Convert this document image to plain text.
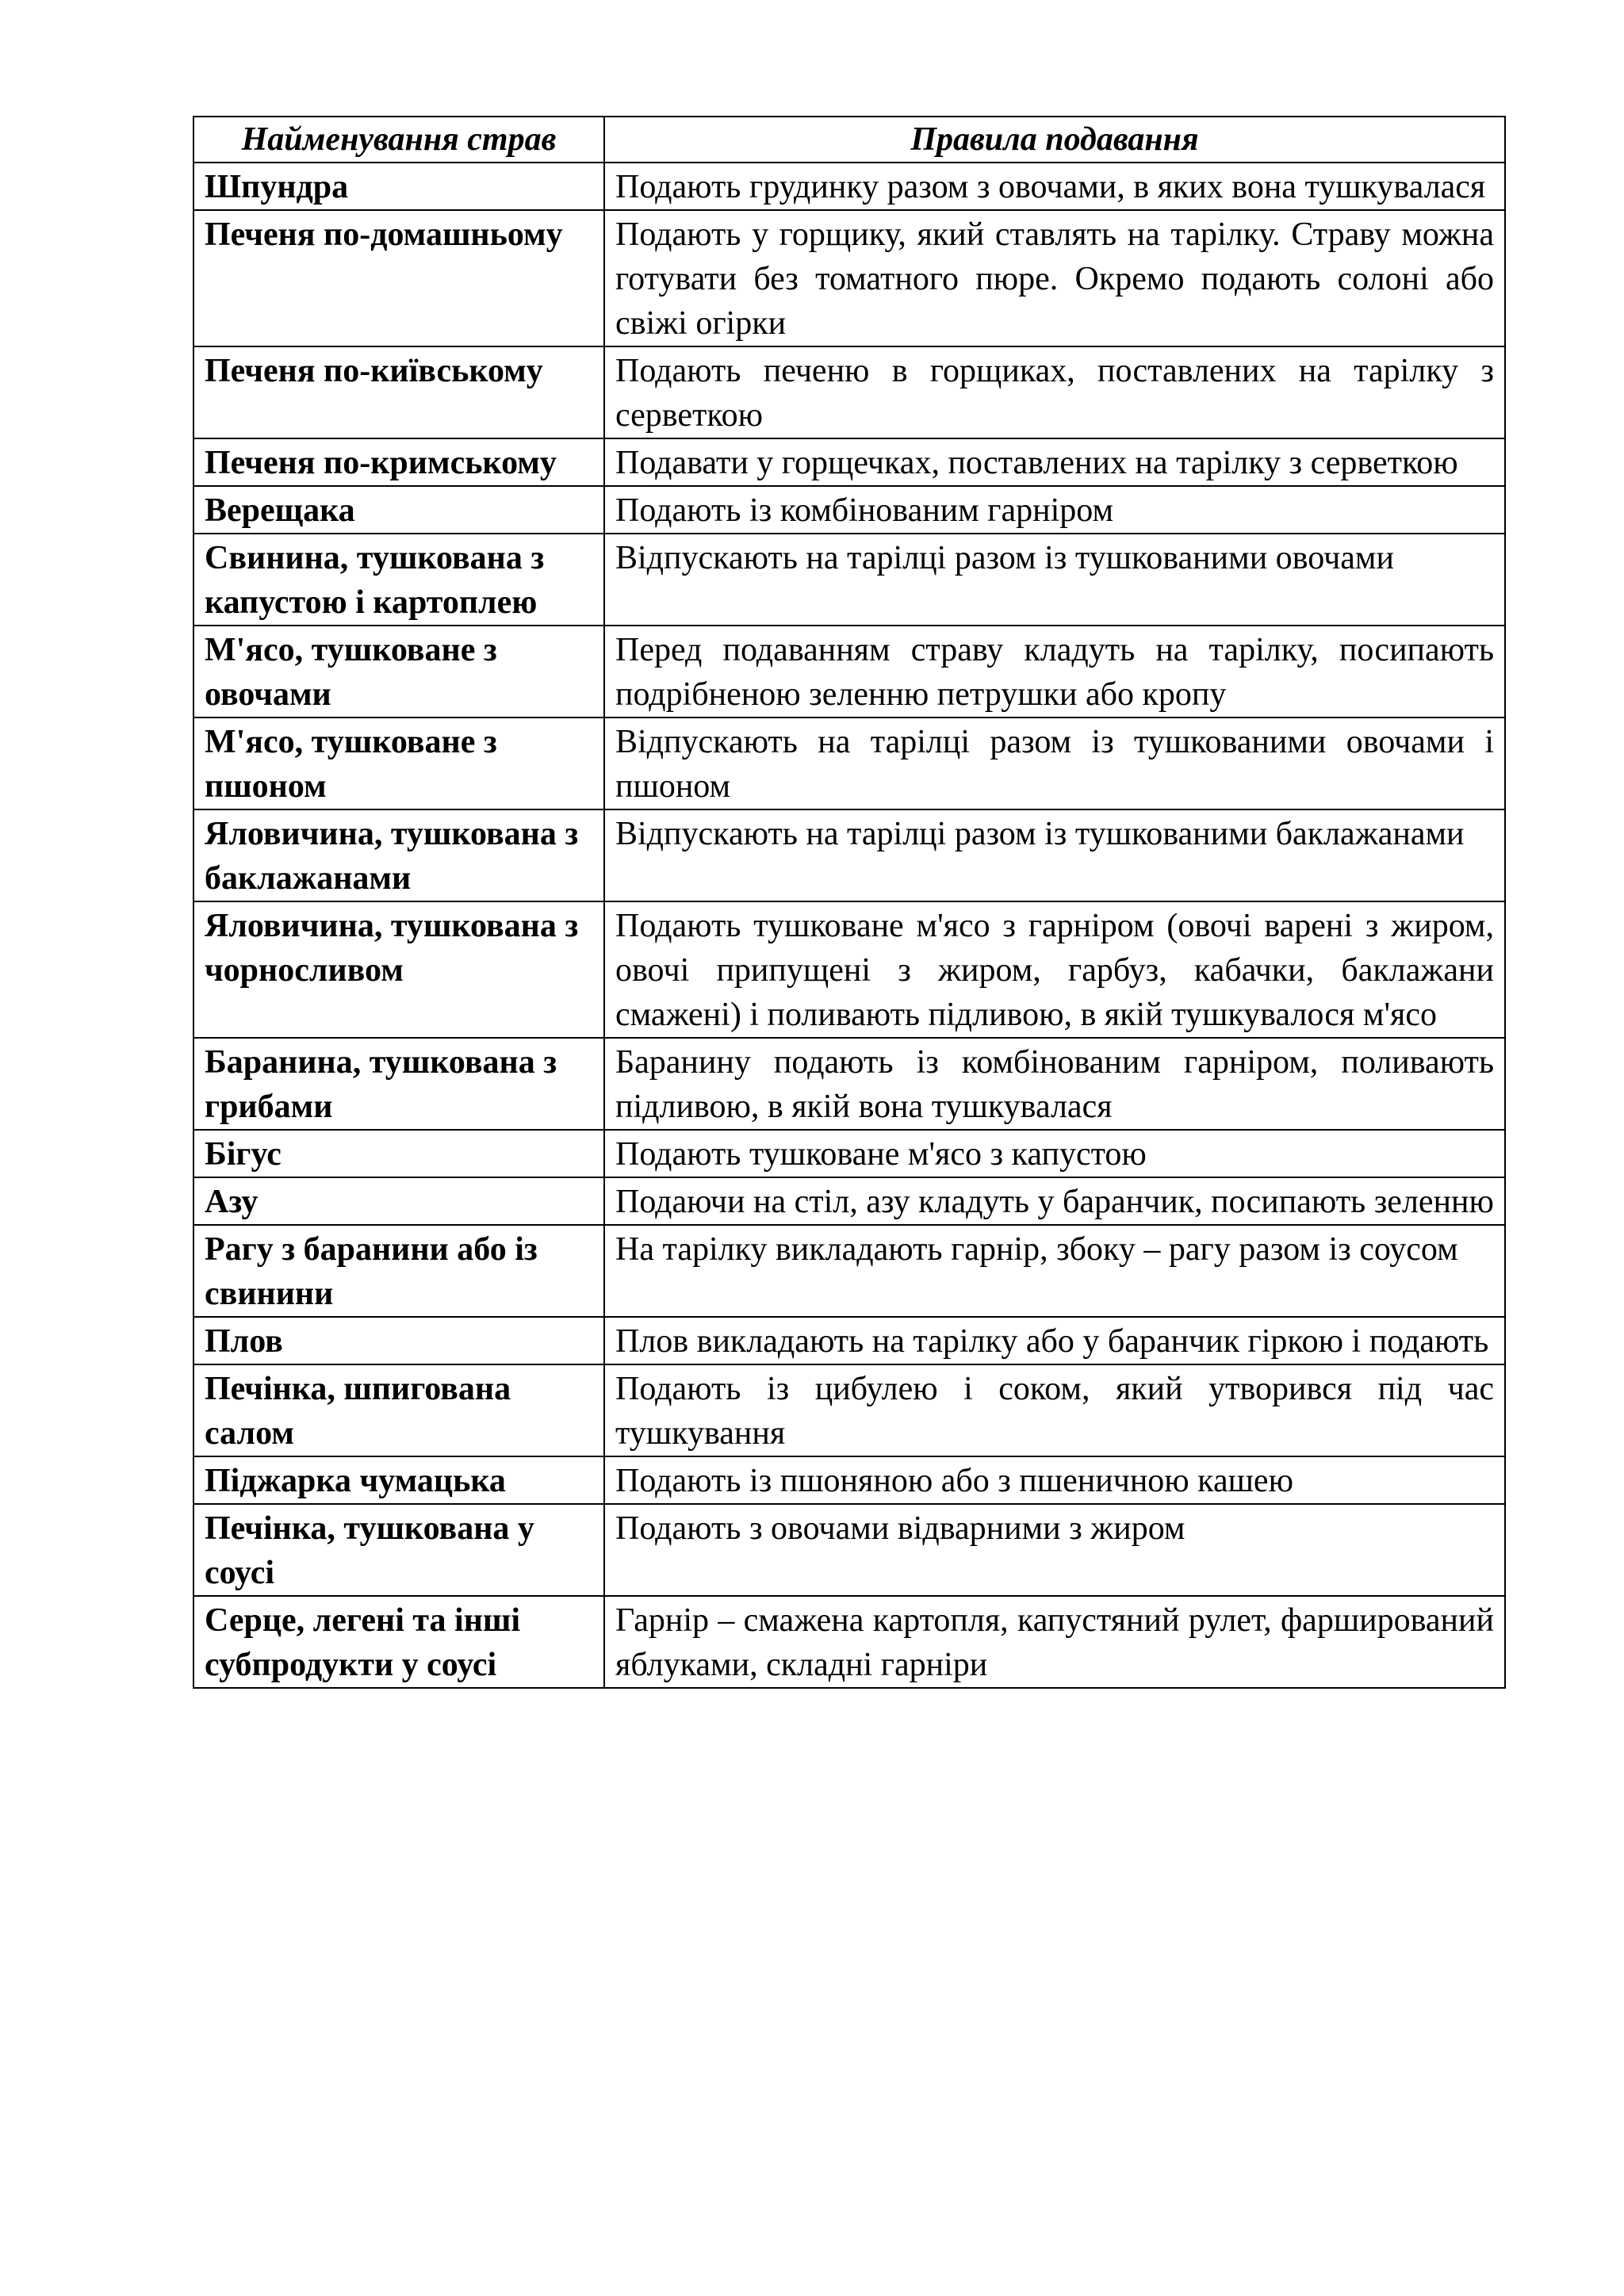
Найменування страв	Правила подавання
Шпундра	Подають грудинку разом з овочами, в яких вона тушкувалася
Печеня по-домашньому	Подають у горщику, який ставлять на тарілку. Страву можна готувати без томатного пюре. Окремо подають солоні або свіжі огірки
Печеня по-київському	Подають печеню в горщиках, поставлених на тарілку з серветкою
Печеня по-кримському	Подавати у горщечках, поставлених на тарілку з серветкою
Верещака	Подають із комбінованим гарніром
Свинина, тушкована з капустою і картоплею	Відпускають на тарілці разом із тушкованими овочами
М'ясо, тушковане з овочами	Перед подаванням страву кладуть на тарілку, посипають подрібненою зеленню петрушки або кропу
М'ясо, тушковане з пшоном	Відпускають на тарілці разом із тушкованими овочами і пшоном
Яловичина, тушкована з баклажанами	Відпускають на тарілці разом із тушкованими баклажанами
Яловичина, тушкована з чорносливом	Подають тушковане м'ясо з гарніром (овочі варені з жиром, овочі припущені з жиром, гарбуз, кабачки, баклажани смажені) і поливають підливою, в якій тушкувалося м'ясо
Баранина, тушкована з грибами	Баранину подають із комбінованим гарніром, поливають підливою, в якій вона тушкувалася
Бігус	Подають тушковане м'ясо з капустою
Азу	Подаючи на стіл, азу кладуть у баранчик, посипають зеленню
Рагу з баранини або із свинини	На тарілку викладають гарнір, збоку – рагу разом із соусом
Плов	Плов викладають на тарілку або у баранчик гіркою і подають
Печінка, шпигована салом	Подають із цибулею і соком, який утворився під час тушкування
Піджарка чумацька	Подають із пшоняною або з пшеничною кашею
Печінка, тушкована у соусі	Подають з овочами відварними з жиром
Серце, легені та інші субпродукти у соусі	Гарнір – смажена картопля, капустяний рулет, фарширований яблуками, складні гарніри
